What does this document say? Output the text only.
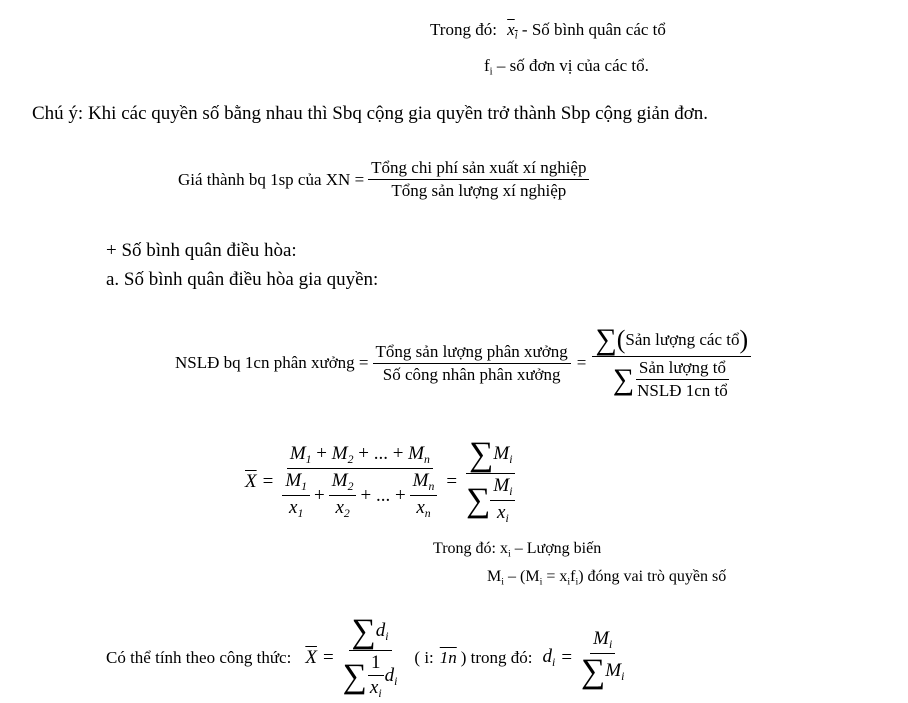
Trong đó: $x_i$ - Số bình quân các tổ
$f_i$ – số đơn vị của các tổ.
Chú ý: Khi các quyền số bằng nhau thì Sbq cộng gia quyền trở thành Sbp cộng giản đơn.
Giá thành bq 1sp của XN = $\frac{\text{Tổng chi phí sản xuất xí nghiệp}}{\text{Tổng sản lượng xí nghiệp}}$
+ Số bình quân điều hòa:
a. Số bình quân điều hòa gia quyền:
NSLĐ bq 1cn phân xưởng = $\frac{\text{Tổng sản lượng phân xưởng}}{\text{Số công nhân phân xưởng}} = \frac{\text{∑ ( Sản lượng các tổ )}}{\sum \frac{\text{Sản lượng tổ}}{\text{NSLĐ 1cn tổ}}}$
$\overline{X} = \frac{M_1 + M_2 + ... + M_n}{\frac{M_1}{x_1} + \frac{M_2}{x_2} + ... + \frac{M_n}{x_n}} = \frac{\sum M_i}{\sum \frac{M_i}{x_i}}$
Trong đó: $x_i$ – Lượng biến
$M_i - (M_i = x_if_i)$ đóng vai trò quyền số
Có thể tính theo công thức: $\overline{X} = \frac{\sum d_i}{\sum \frac{1}{x_i} d_i}$ ( i: 1n ) trong đó: $d_i = \frac{M_i}{\sum M_i}$
